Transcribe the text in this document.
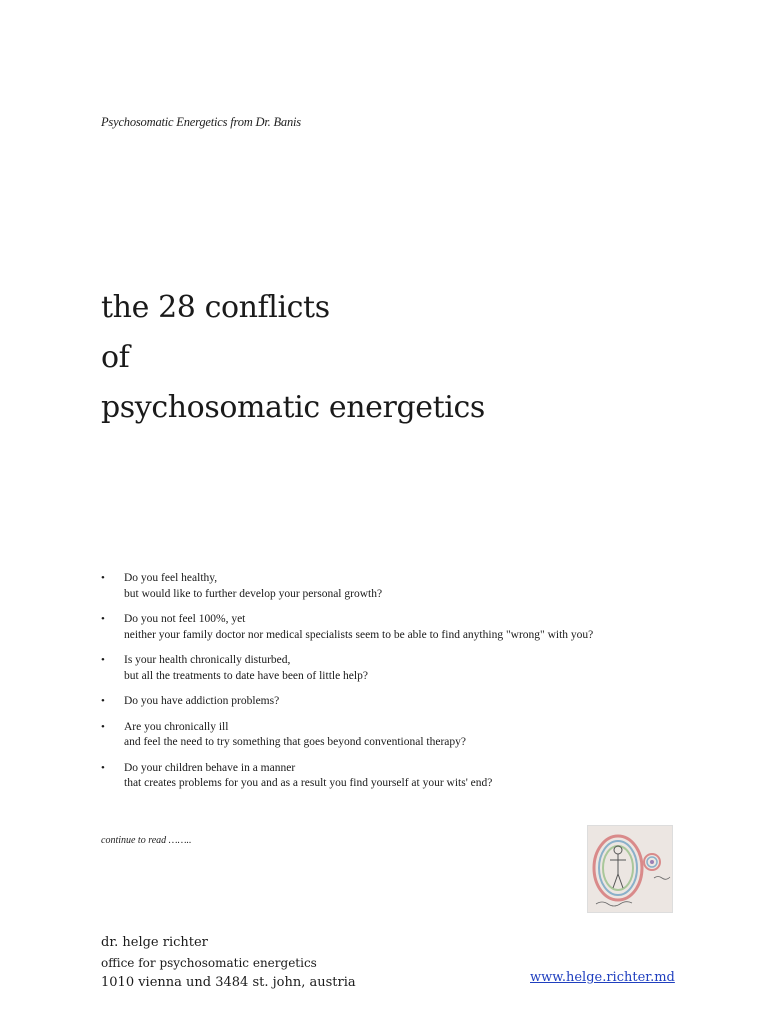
Psychosomatic Energetics from Dr. Banis
the 28 conflicts
of
psychosomatic energetics
• Do you feel healthy,
but would like to further develop your personal growth?
• Do you not feel 100%, yet
neither your family doctor nor medical specialists seem to be able to find anything "wrong" with you?
• Is your health chronically disturbed,
but all the treatments to date have been of little help?
• Do you have addiction problems?
• Are you chronically ill
and feel the need to try something that goes beyond conventional therapy?
• Do your children behave in a manner
that creates problems for you and as a result you find yourself at your wits' end?
continue to read ……..
dr. helge richter
office for psychosomatic energetics
1010 vienna und 3484 st. john, austria	www.helge.richter.md
